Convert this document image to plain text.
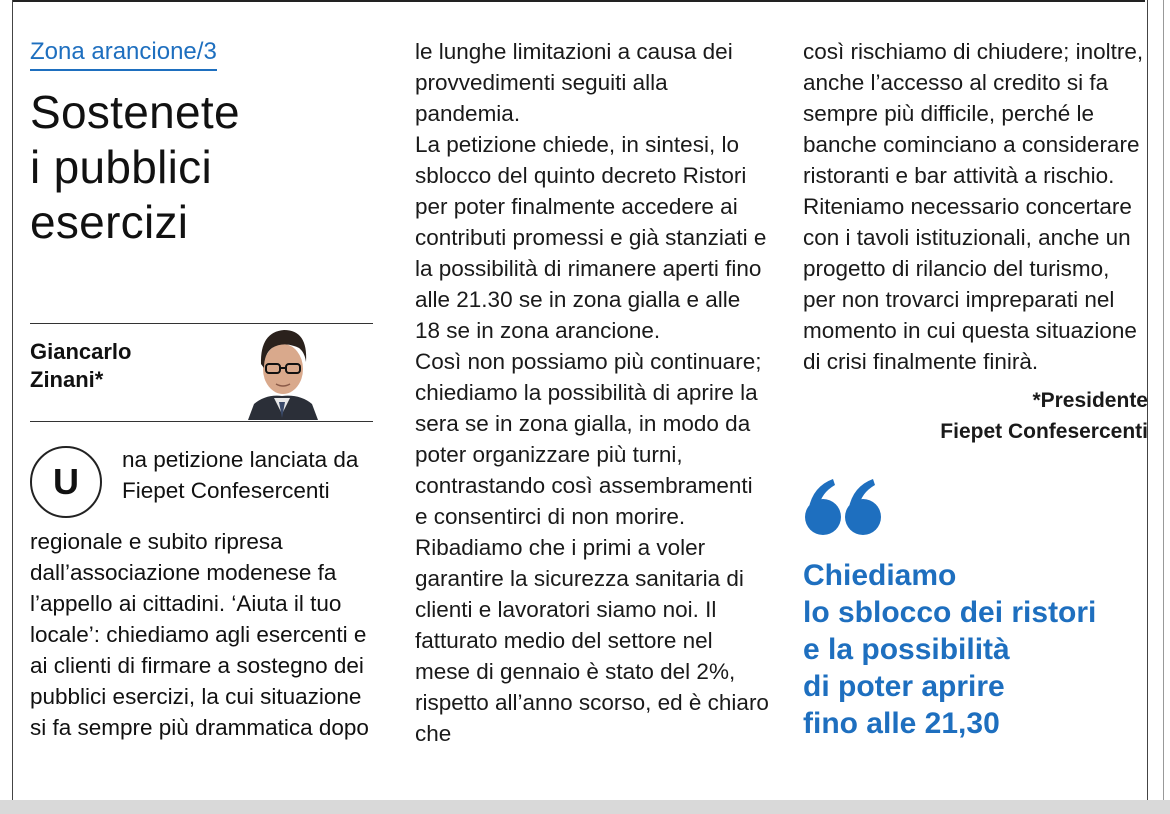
Zona arancione/3
Sostenete
i pubblici
esercizi
Giancarlo
Zinani*
U

na petizione lanciata da Fiepet Confesercenti

regionale e subito ripresa dall’associazione modenese fa l’appello ai cittadini. ‘Aiuta il tuo locale’: chiediamo agli esercenti e ai clienti di firmare a sostegno dei pubblici esercizi, la cui situazione si fa sempre più drammatica dopo

le lunghe limitazioni a causa dei provvedimenti seguiti alla pandemia.

La petizione chiede, in sintesi, lo sblocco del quinto decreto Ristori per poter finalmente accedere ai contributi promessi e già stanziati e la possibilità di rimanere aperti fino alle 21.30 se in zona gialla e alle 18 se in zona arancione.

Così non possiamo più continuare; chiediamo la possibilità di aprire la sera se in zona gialla, in modo da poter organizzare più turni, contrastando così assembramenti e consentirci di non morire. Ribadiamo che i primi a voler garantire la sicurezza sanitaria di clienti e lavoratori siamo noi. Il fatturato medio del settore nel mese di gennaio è stato del 2%, rispetto all’anno scorso, ed è chiaro che

così rischiamo di chiudere; inoltre, anche l’accesso al credito si fa sempre più difficile, perché le banche cominciano a considerare ristoranti e bar attività a rischio.

Riteniamo necessario concertare con i tavoli istituzionali, anche un progetto di rilancio del turismo, per non trovarci impreparati nel momento in cui questa situazione di crisi finalmente finirà.

*Presidente
Fiepet Confesercenti
Chiediamo
lo sblocco dei ristori
e la possibilità
di poter aprire
fino alle 21,30
